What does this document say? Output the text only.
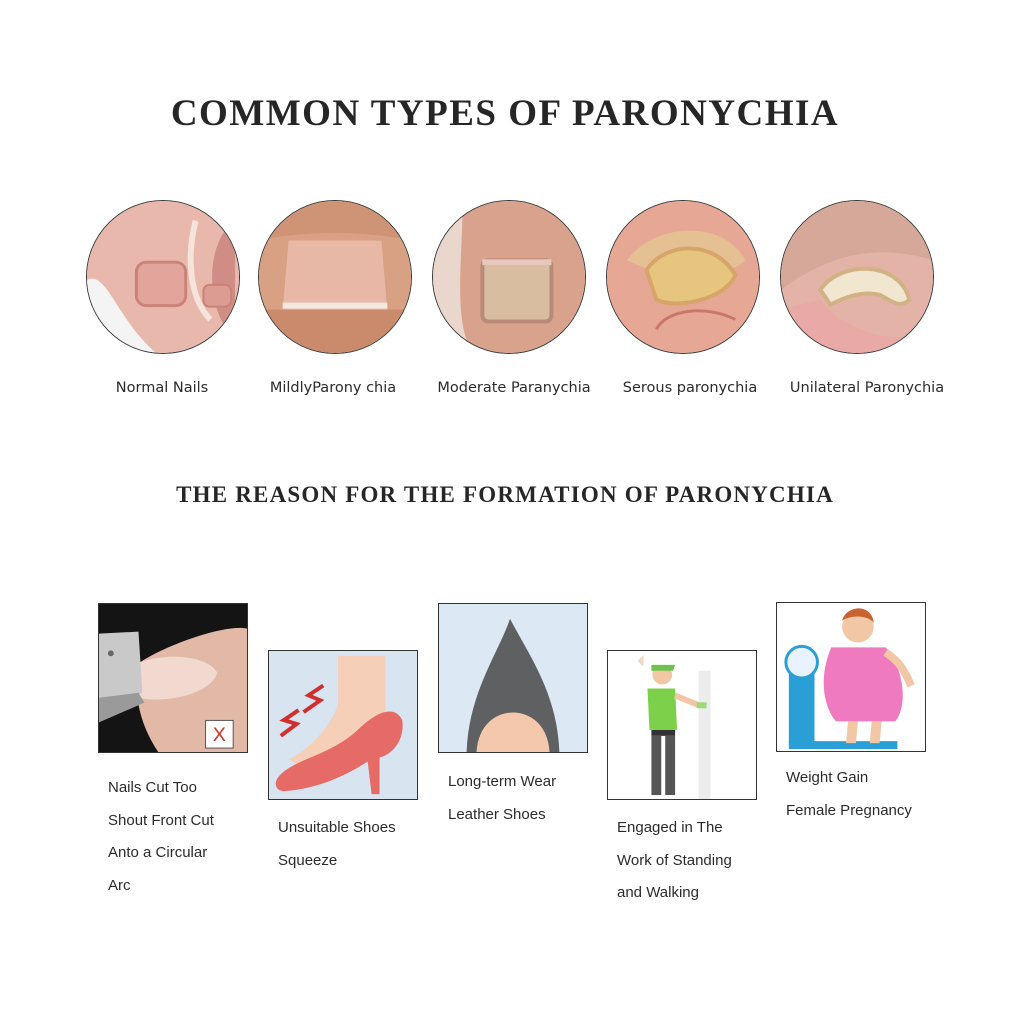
COMMON TYPES OF PARONYCHIA
Normal Nails	MildlyParony chia	Moderate Paranychia Serous paronychia Unilateral Paronychia
THE REASON FOR THE FORMATION OF PARONYCHIA
X
Nails Cut Too
Shout Front Cut
Anto a Circular
Arc
Unsuitable Shoes
Squeeze
Long-term Wear
Leather Shoes
Engaged in The
Work of Standing
and Walking
Weight Gain
Female Pregnancy
